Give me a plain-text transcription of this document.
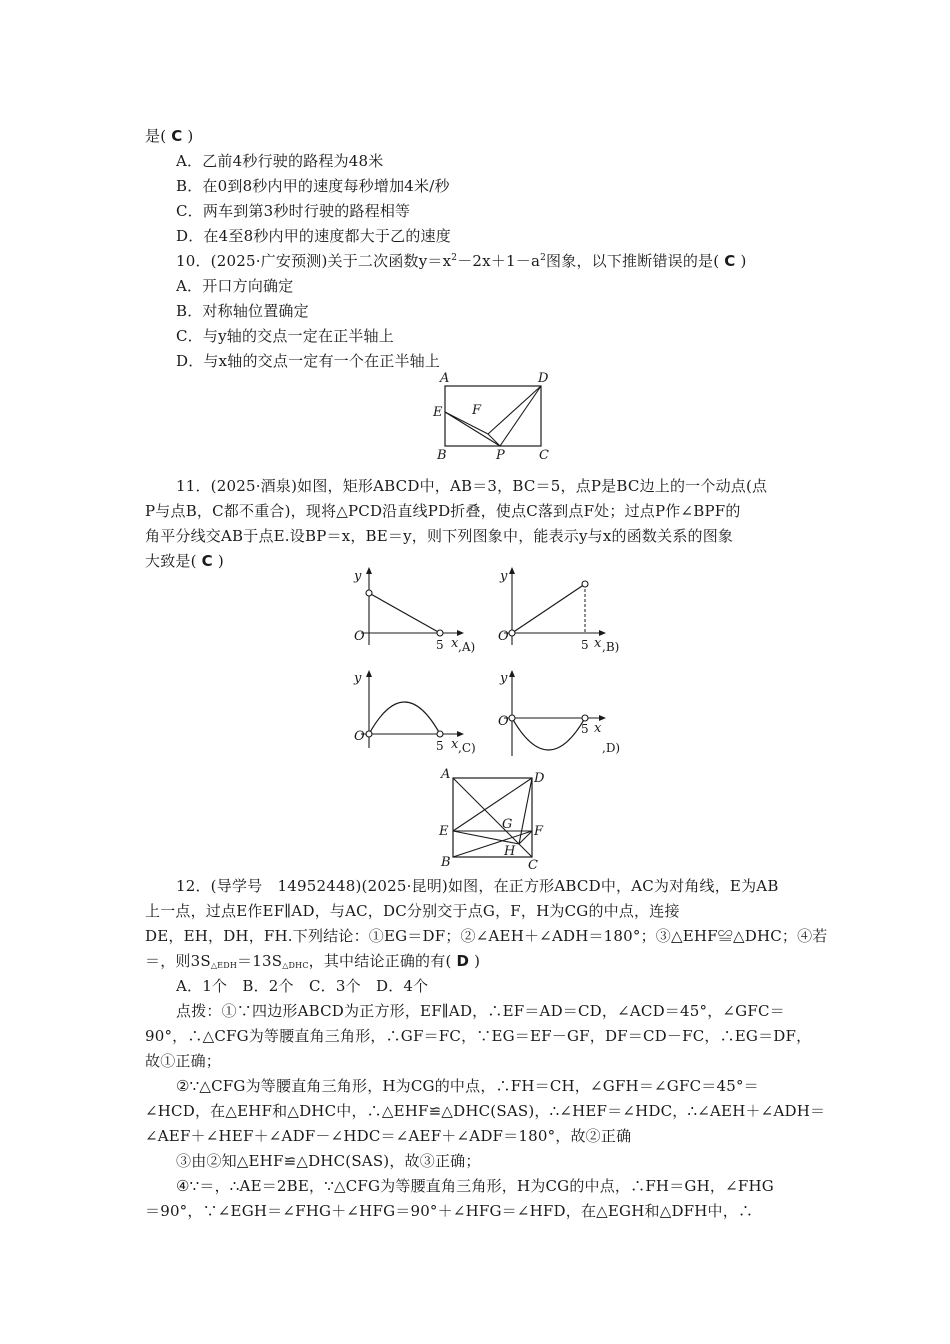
是( C )
A．乙前4秒行驶的路程为48米
B．在0到8秒内甲的速度每秒增加4米/秒
C．两车到第3秒时行驶的路程相等
D．在4至8秒内甲的速度都大于乙的速度
10．(2025·广安预测)关于二次函数$y=x^2-2x+1-a^2$图象，以下推断错误的是( C )
A．开口方向确定
B．对称轴位置确定
C．与y轴的交点一定在正半轴上
D．与x轴的交点一定有一个在正半轴上
A	D
E F
B	P	C
11．(2025·酒泉)如图，矩形ABCD中，AB＝3，BC＝5，点P是BC边上的一个动点(点
P与点B，C都不重合)，现将△PCD沿直线PD折叠，使点C落到点F处；过点P作∠BPF的
角平分线交AB于点E.设BP＝x，BE＝y，则下列图象中，能表示y与x的函数关系的图象
大致是( C )
y
O
5 x ,A)
y
O
5 x ,B)
y
O
5 x ,C)
y
O	5 x
,D)
A	D
E	G F
B
H
C
12．(导学号　14952448)(2025·昆明)如图，在正方形ABCD中，AC为对角线，E为AB
上一点，过点E作EF∥AD，与AC，DC分别交于点G，F，H为CG的中点，连接
DE，EH，DH，FH.下列结论：①EG＝DF；②∠AEH＋∠ADH＝180°；③△EHF≌△DHC；④若
＝，则$3S_{\triangle EDH}=13S_{\triangle DHC}$，其中结论正确的有( D )
A．1个　B．2个　C．3个　D．4个
点拨：①∵四边形ABCD为正方形，EF∥AD，∴EF＝AD＝CD，∠ACD＝45°，∠GFC＝
90°，∴△CFG为等腰直角三角形，∴GF＝FC，∵EG＝EF－GF，DF＝CD－FC，∴EG＝DF，
故①正确；
②∵△CFG为等腰直角三角形，H为CG的中点，∴FH＝CH，∠GFH＝∠GFC＝45°＝
∠HCD，在△EHF和△DHC中，∴△EHF≌△DHC(SAS)，∴∠HEF＝∠HDC，∴∠AEH＋∠ADH＝
∠AEF＋∠HEF＋∠ADF－∠HDC＝∠AEF＋∠ADF＝180°，故②正确
③由②知△EHF≌△DHC(SAS)，故③正确；
④∵＝，∴AE＝2BE，∵△CFG为等腰直角三角形，H为CG的中点，∴FH＝GH，∠FHG
＝90°，∵∠EGH＝∠FHG＋∠HFG＝90°＋∠HFG＝∠HFD，在△EGH和△DFH中，∴
